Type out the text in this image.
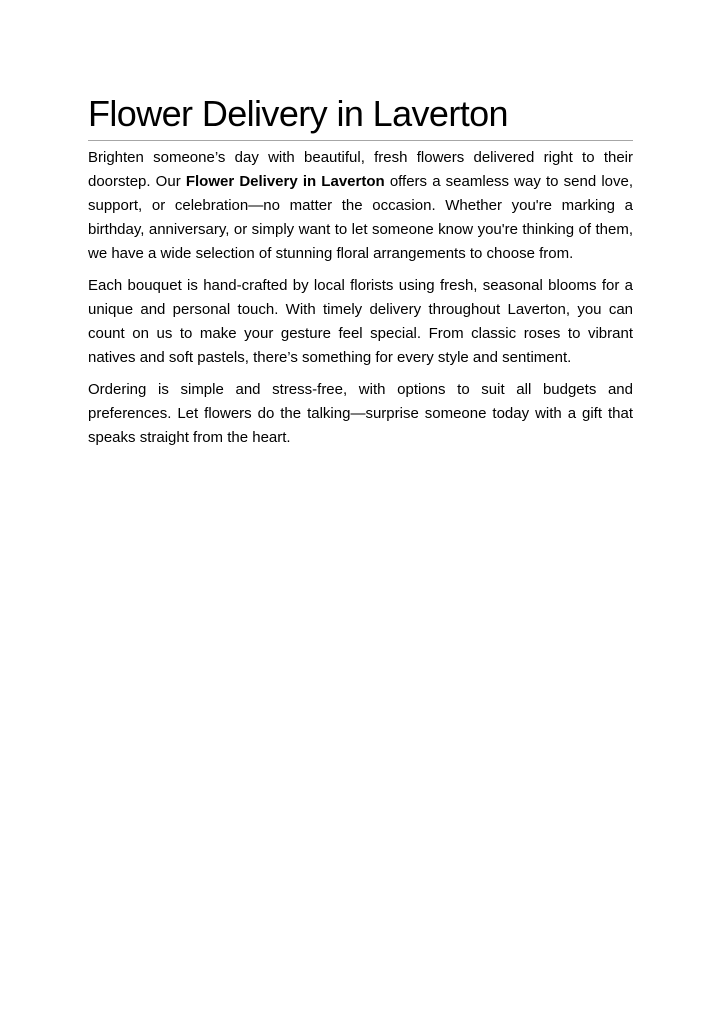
Flower Delivery in Laverton

Brighten someone’s day with beautiful, fresh flowers delivered right to their doorstep. Our Flower Delivery in Laverton offers a seamless way to send love, support, or celebration—no matter the occasion. Whether you're marking a birthday, anniversary, or simply want to let someone know you're thinking of them, we have a wide selection of stunning floral arrangements to choose from.

Each bouquet is hand-crafted by local florists using fresh, seasonal blooms for a unique and personal touch. With timely delivery throughout Laverton, you can count on us to make your gesture feel special. From classic roses to vibrant natives and soft pastels, there’s something for every style and sentiment.

Ordering is simple and stress-free, with options to suit all budgets and preferences. Let flowers do the talking—surprise someone today with a gift that speaks straight from the heart.
